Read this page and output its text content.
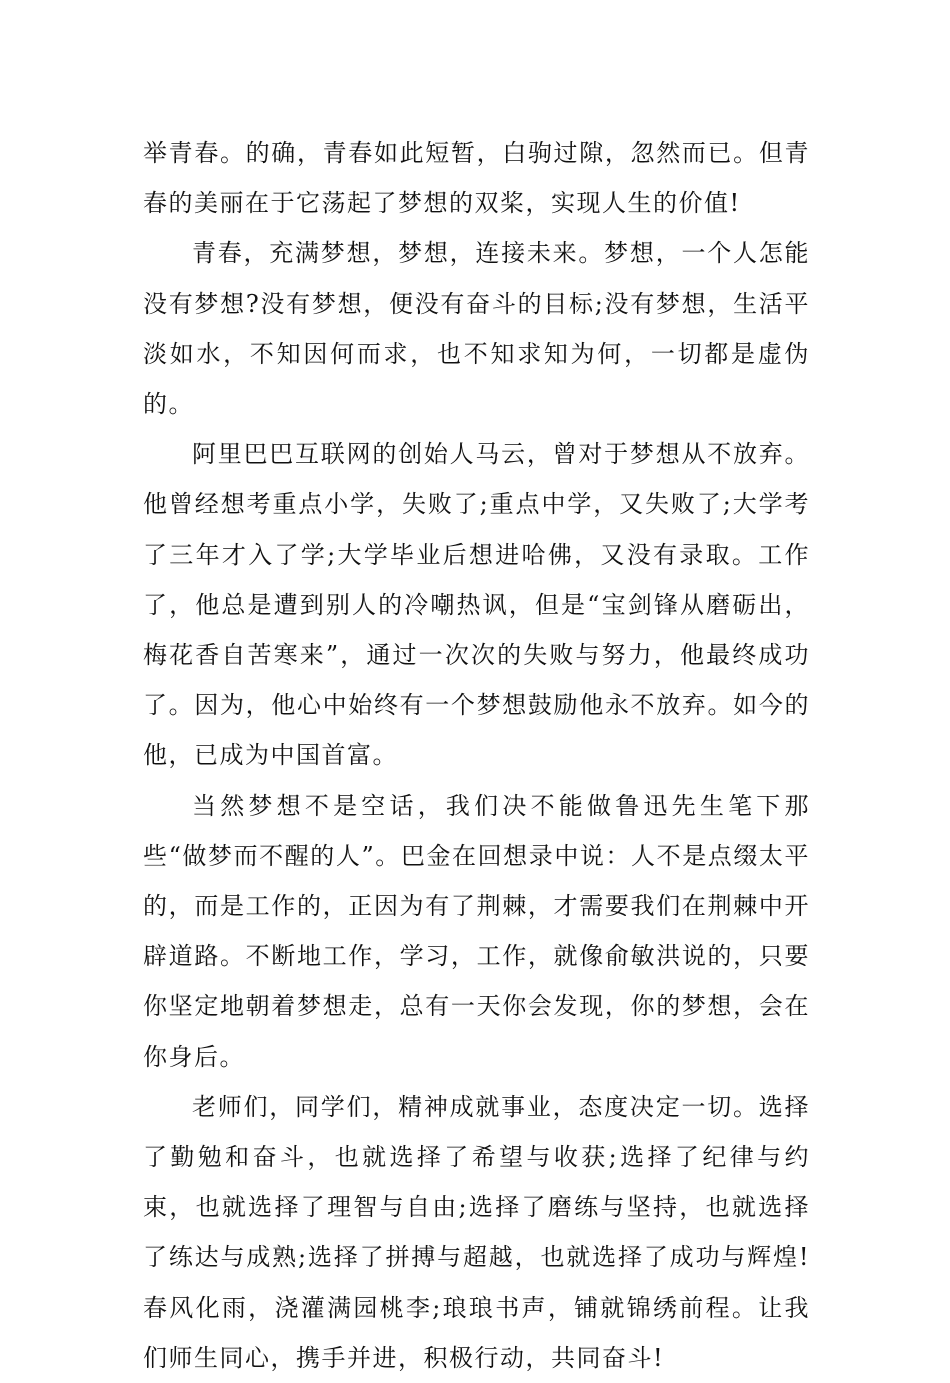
举青春。的确，青春如此短暂，白驹过隙，忽然而已。但青春的美丽在于它荡起了梦想的双桨，实现人生的价值!

青春，充满梦想，梦想，连接未来。梦想，一个人怎能没有梦想?没有梦想，便没有奋斗的目标;没有梦想，生活平淡如水，不知因何而求，也不知求知为何，一切都是虚伪的。

阿里巴巴互联网的创始人马云，曾对于梦想从不放弃。他曾经想考重点小学，失败了;重点中学，又失败了;大学考了三年才入了学;大学毕业后想进哈佛，又没有录取。工作了，他总是遭到别人的冷嘲热讽，但是“宝剑锋从磨砺出，梅花香自苦寒来”，通过一次次的失败与努力，他最终成功了。因为，他心中始终有一个梦想鼓励他永不放弃。如今的他，已成为中国首富。

当然梦想不是空话，我们决不能做鲁迅先生笔下那些“做梦而不醒的人”。巴金在回想录中说：人不是点缀太平的，而是工作的，正因为有了荆棘，才需要我们在荆棘中开辟道路。不断地工作，学习，工作，就像俞敏洪说的，只要你坚定地朝着梦想走，总有一天你会发现，你的梦想，会在你身后。

老师们，同学们，精神成就事业，态度决定一切。选择了勤勉和奋斗，也就选择了希望与收获;选择了纪律与约束，也就选择了理智与自由;选择了磨练与坚持，也就选择了练达与成熟;选择了拼搏与超越，也就选择了成功与辉煌!春风化雨，浇灌满园桃李;琅琅书声，铺就锦绣前程。让我们师生同心，携手并进，积极行动，共同奋斗!
